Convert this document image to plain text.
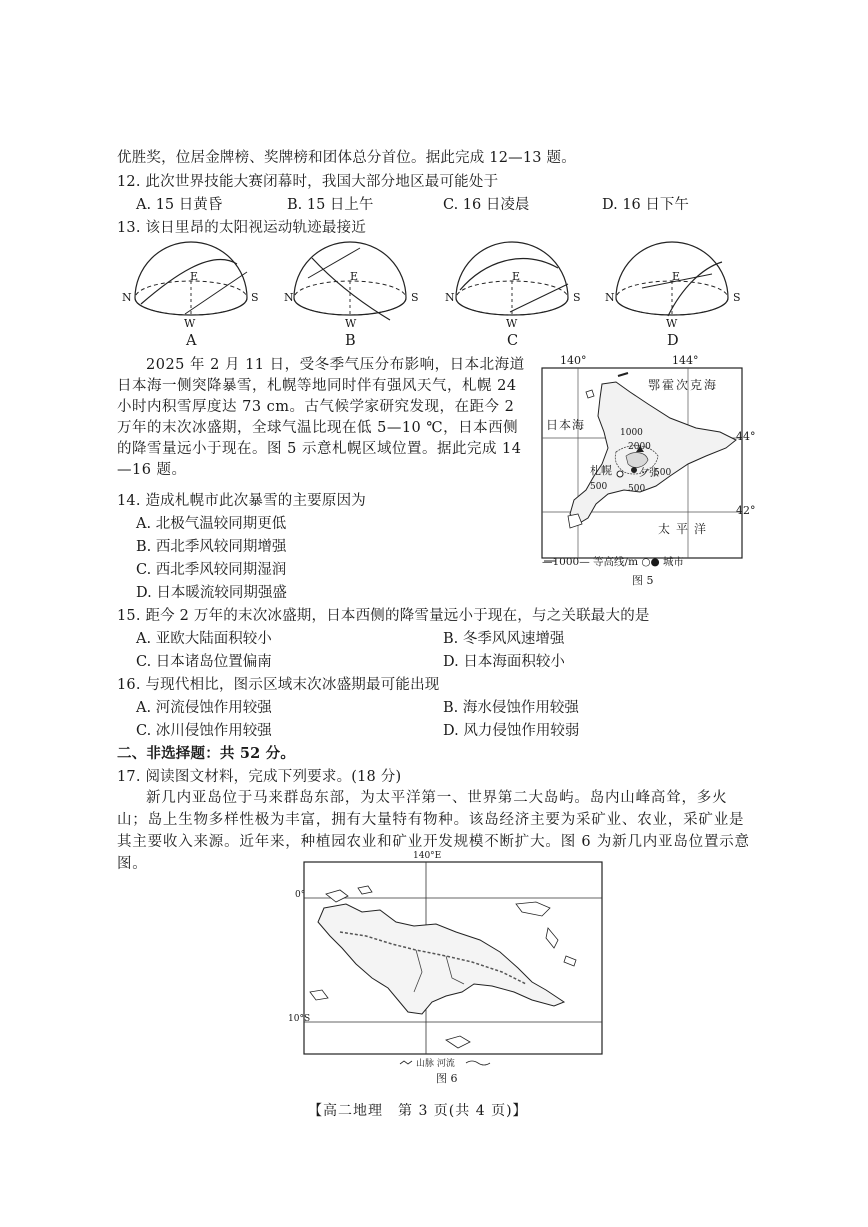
优胜奖，位居金牌榜、奖牌榜和团体总分首位。据此完成 12—13 题。
12. 此次世界技能大赛闭幕时，我国大部分地区最可能处于
A. 15 日黄昏	B. 15 日上午	C. 16 日凌晨	D. 16 日下午
13. 该日里昂的太阳视运动轨迹最接近
N	S
E
W
N	S
E
W
N	S
E
W
N	S
E
W
A	B	C	D
2025 年 2 月 11 日，受冬季气压分布影响，日本北海道日本海一侧突降暴雪，札幌等地同时伴有强风天气，札幌 24 小时内积雪厚度达 73 cm。古气候学家研究发现，在距今 2 万年的末次冰盛期，全球气温比现在低 5—10 ℃，日本西侧的降雪量远小于现在。图 5 示意札幌区域位置。据此完成 14—16 题。
140°	144°
44°
42°
鄂霍次克海
日本海
太平洋
1000
2000
500 500
500
札幌	夕张
—1000— 等高线/m ○● 城市
图 5
14. 造成札幌市此次暴雪的主要原因为
A. 北极气温较同期更低
B. 西北季风较同期增强
C. 西北季风较同期湿润
D. 日本暖流较同期强盛
15. 距今 2 万年的末次冰盛期，日本西侧的降雪量远小于现在，与之关联最大的是
A. 亚欧大陆面积较小	B. 冬季风风速增强
C. 日本诸岛位置偏南	D. 日本海面积较小
16. 与现代相比，图示区域末次冰盛期最可能出现
A. 河流侵蚀作用较强	B. 海水侵蚀作用较强
C. 冰川侵蚀作用较强	D. 风力侵蚀作用较弱
二、非选择题：共 52 分。
17. 阅读图文材料，完成下列要求。(18 分)
新几内亚岛位于马来群岛东部，为太平洋第一、世界第二大岛屿。岛内山峰高耸，多火山；岛上生物多样性极为丰富，拥有大量特有物种。该岛经济主要为采矿业、农业，采矿业是其主要收入来源。近年来，种植园农业和矿业开发规模不断扩大。图 6 为新几内亚岛位置示意图。	140°E
0°
10°S
山脉 河流
图 6
【高二地理　第 3 页(共 4 页)】
